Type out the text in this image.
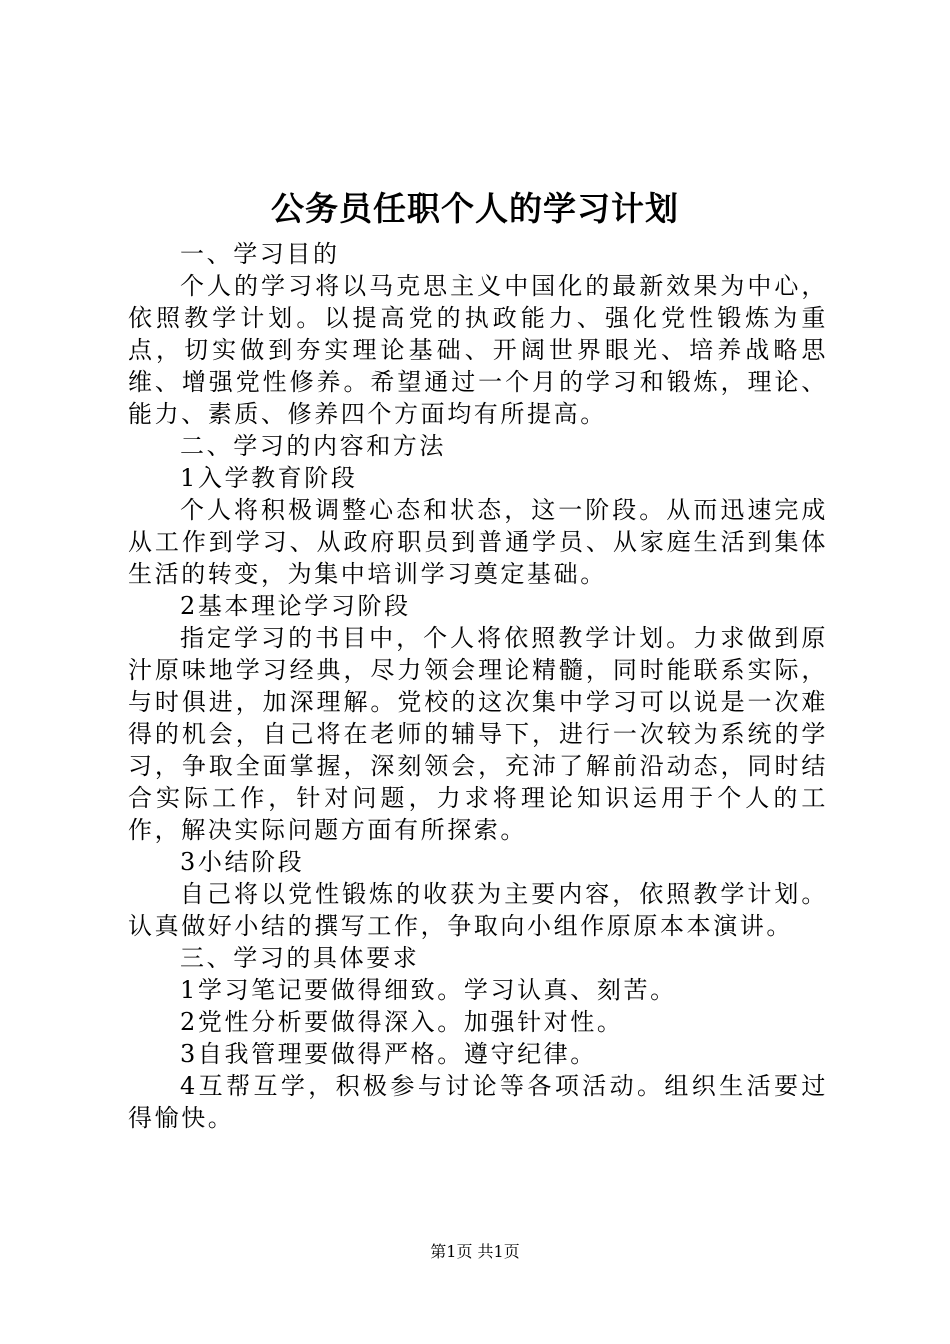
公务员任职个人的学习计划

一、学习目的

个人的学习将以马克思主义中国化的最新效果为中心，依照教学计划。以提高党的执政能力、强化党性锻炼为重点，切实做到夯实理论基础、开阔世界眼光、培养战略思维、增强党性修养。希望通过一个月的学习和锻炼，理论、能力、素质、修养四个方面均有所提高。

二、学习的内容和方法

1入学教育阶段

个人将积极调整心态和状态，这一阶段。从而迅速完成从工作到学习、从政府职员到普通学员、从家庭生活到集体生活的转变，为集中培训学习奠定基础。

2基本理论学习阶段

指定学习的书目中，个人将依照教学计划。力求做到原汁原味地学习经典，尽力领会理论精髓，同时能联系实际，与时俱进，加深理解。党校的这次集中学习可以说是一次难得的机会，自己将在老师的辅导下，进行一次较为系统的学习，争取全面掌握，深刻领会，充沛了解前沿动态，同时结合实际工作，针对问题，力求将理论知识运用于个人的工作，解决实际问题方面有所探索。

3小结阶段

自己将以党性锻炼的收获为主要内容，依照教学计划。认真做好小结的撰写工作，争取向小组作原原本本演讲。

三、学习的具体要求

1学习笔记要做得细致。学习认真、刻苦。

2党性分析要做得深入。加强针对性。

3自我管理要做得严格。遵守纪律。

4互帮互学，积极参与讨论等各项活动。组织生活要过得愉快。

第1页 共1页
